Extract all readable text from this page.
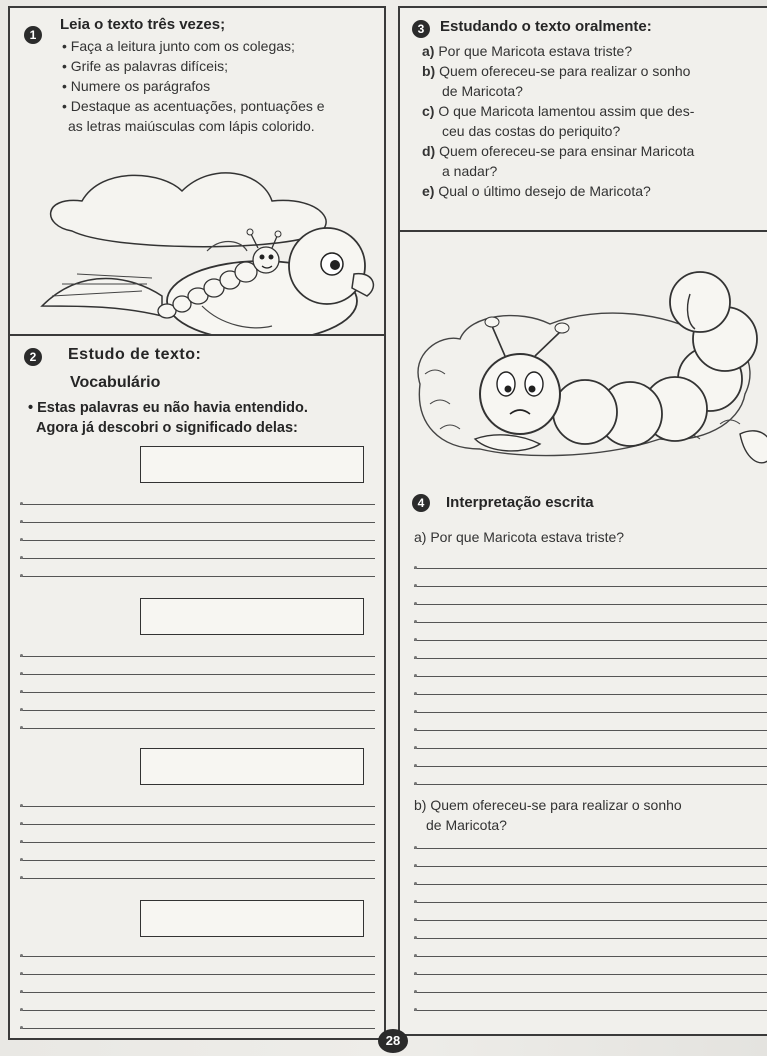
1
Leia o texto três vezes;
• Faça a leitura junto com os colegas;
• Grife as palavras difíceis;
• Numere os parágrafos
• Destaque as acentuações, pontuações e
as letras maiúsculas com lápis colorido.
2	Estudo de texto:
Vocabulário
• Estas palavras eu não havia entendido.
Agora já descobri o significado delas:
3	Estudando o texto oralmente:
a) Por que Maricota estava triste?
b) Quem ofereceu-se para realizar o sonho
de Maricota?
c) O que Maricota lamentou assim que des-
ceu das costas do periquito?
d) Quem ofereceu-se para ensinar Maricota
a nadar?
e) Qual o último desejo de Maricota?
4	Interpretação escrita
a) Por que Maricota estava triste?
b) Quem ofereceu-se para realizar o sonho
de Maricota?
28
